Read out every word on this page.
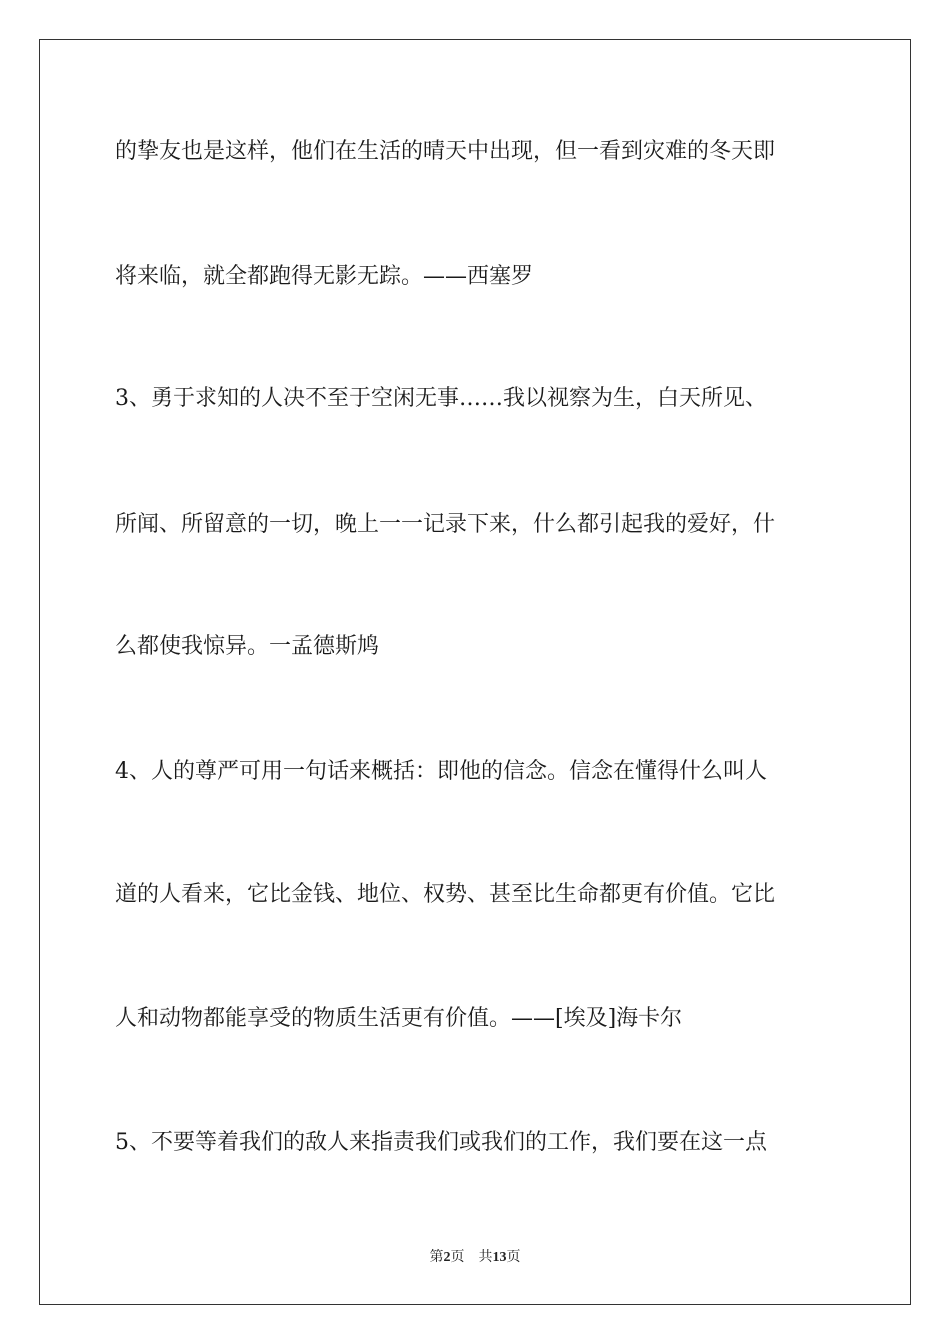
的挚友也是这样，他们在生活的晴天中出现，但一看到灾难的冬天即
将来临，就全都跑得无影无踪。——西塞罗
3、勇于求知的人决不至于空闲无事……我以视察为生，白天所见、
所闻、所留意的一切，晚上一一记录下来，什么都引起我的爱好，什
么都使我惊异。一孟德斯鸠
4、人的尊严可用一句话来概括：即他的信念。信念在懂得什么叫人
道的人看来，它比金钱、地位、权势、甚至比生命都更有价值。它比
人和动物都能享受的物质生活更有价值。——[埃及]海卡尔
5、不要等着我们的敌人来指责我们或我们的工作，我们要在这一点
第2页 共13页
